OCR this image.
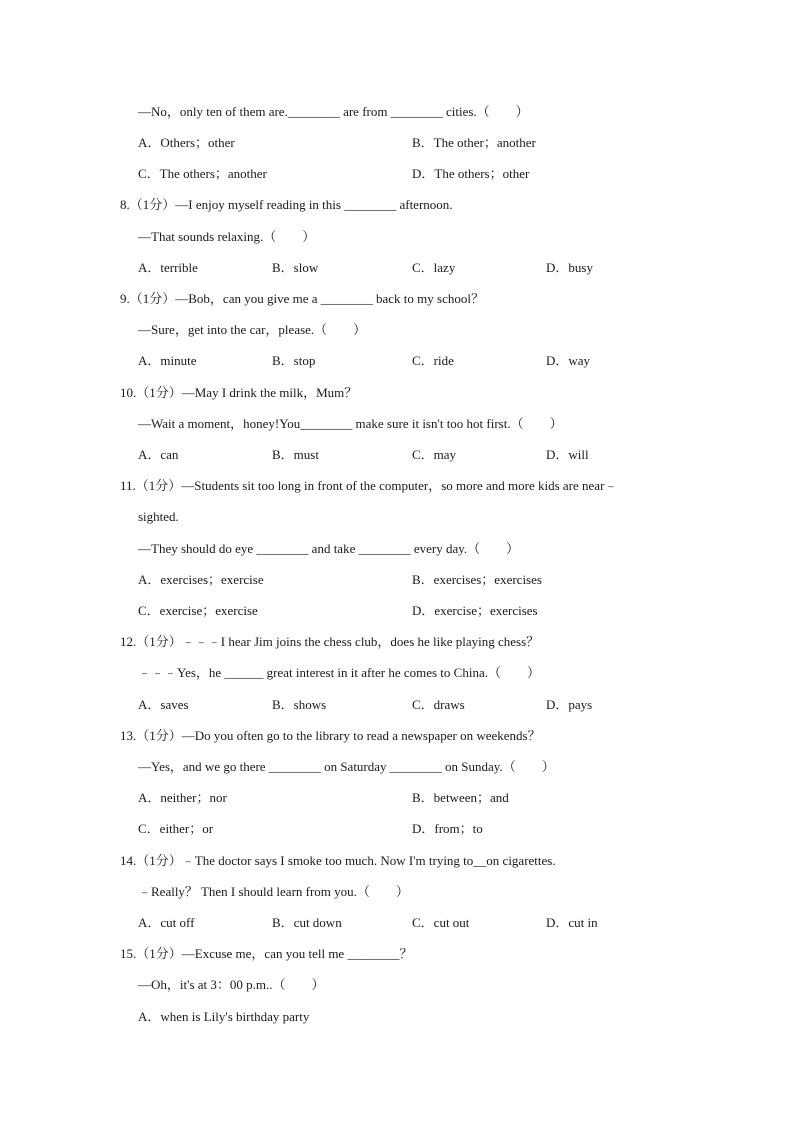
—No，only ten of them are.________ are from ________ cities.（　　）
A．Others；other	B．The other；another
C．The others；another	D．The others；other
8.（1分）—I enjoy myself reading in this ________ afternoon.
—That sounds relaxing.（　　）
A．terrible	B．slow	C．lazy	D．busy
9.（1分）—Bob，can you give me a ________ back to my school？
—Sure，get into the car，please.（　　）
A．minute	B．stop	C．ride	D．way
10.（1分）—May I drink the milk，Mum？
—Wait a moment，honey!You________ make sure it isn't too hot first.（　　）
A．can	B．must	C．may	D．will
11.（1分）—Students sit too long in front of the computer，so more and more kids are near﹣
sighted.
—They should do eye ________ and take ________ every day.（　　）
A．exercises；exercise	B．exercises；exercises
C．exercise；exercise	D．exercise；exercises
12.（1分）﹣﹣﹣I hear Jim joins the chess club，does he like playing chess？
﹣﹣﹣Yes，he ______ great interest in it after he comes to China.（　　）
A．saves	B．shows	C．draws	D．pays
13.（1分）—Do you often go to the library to read a newspaper on weekends？
—Yes，and we go there ________ on Saturday ________ on Sunday.（　　）
A．neither；nor	B．between；and
C．either；or	D．from；to
14.（1分）﹣The doctor says I smoke too much. Now I'm trying to__on cigarettes.
﹣Really？ Then I should learn from you.（　　）
A．cut off	B．cut down	C．cut out	D．cut in
15.（1分）—Excuse me，can you tell me ________？
—Oh，it's at 3：00 p.m..（　　）
A．when is Lily's birthday party
